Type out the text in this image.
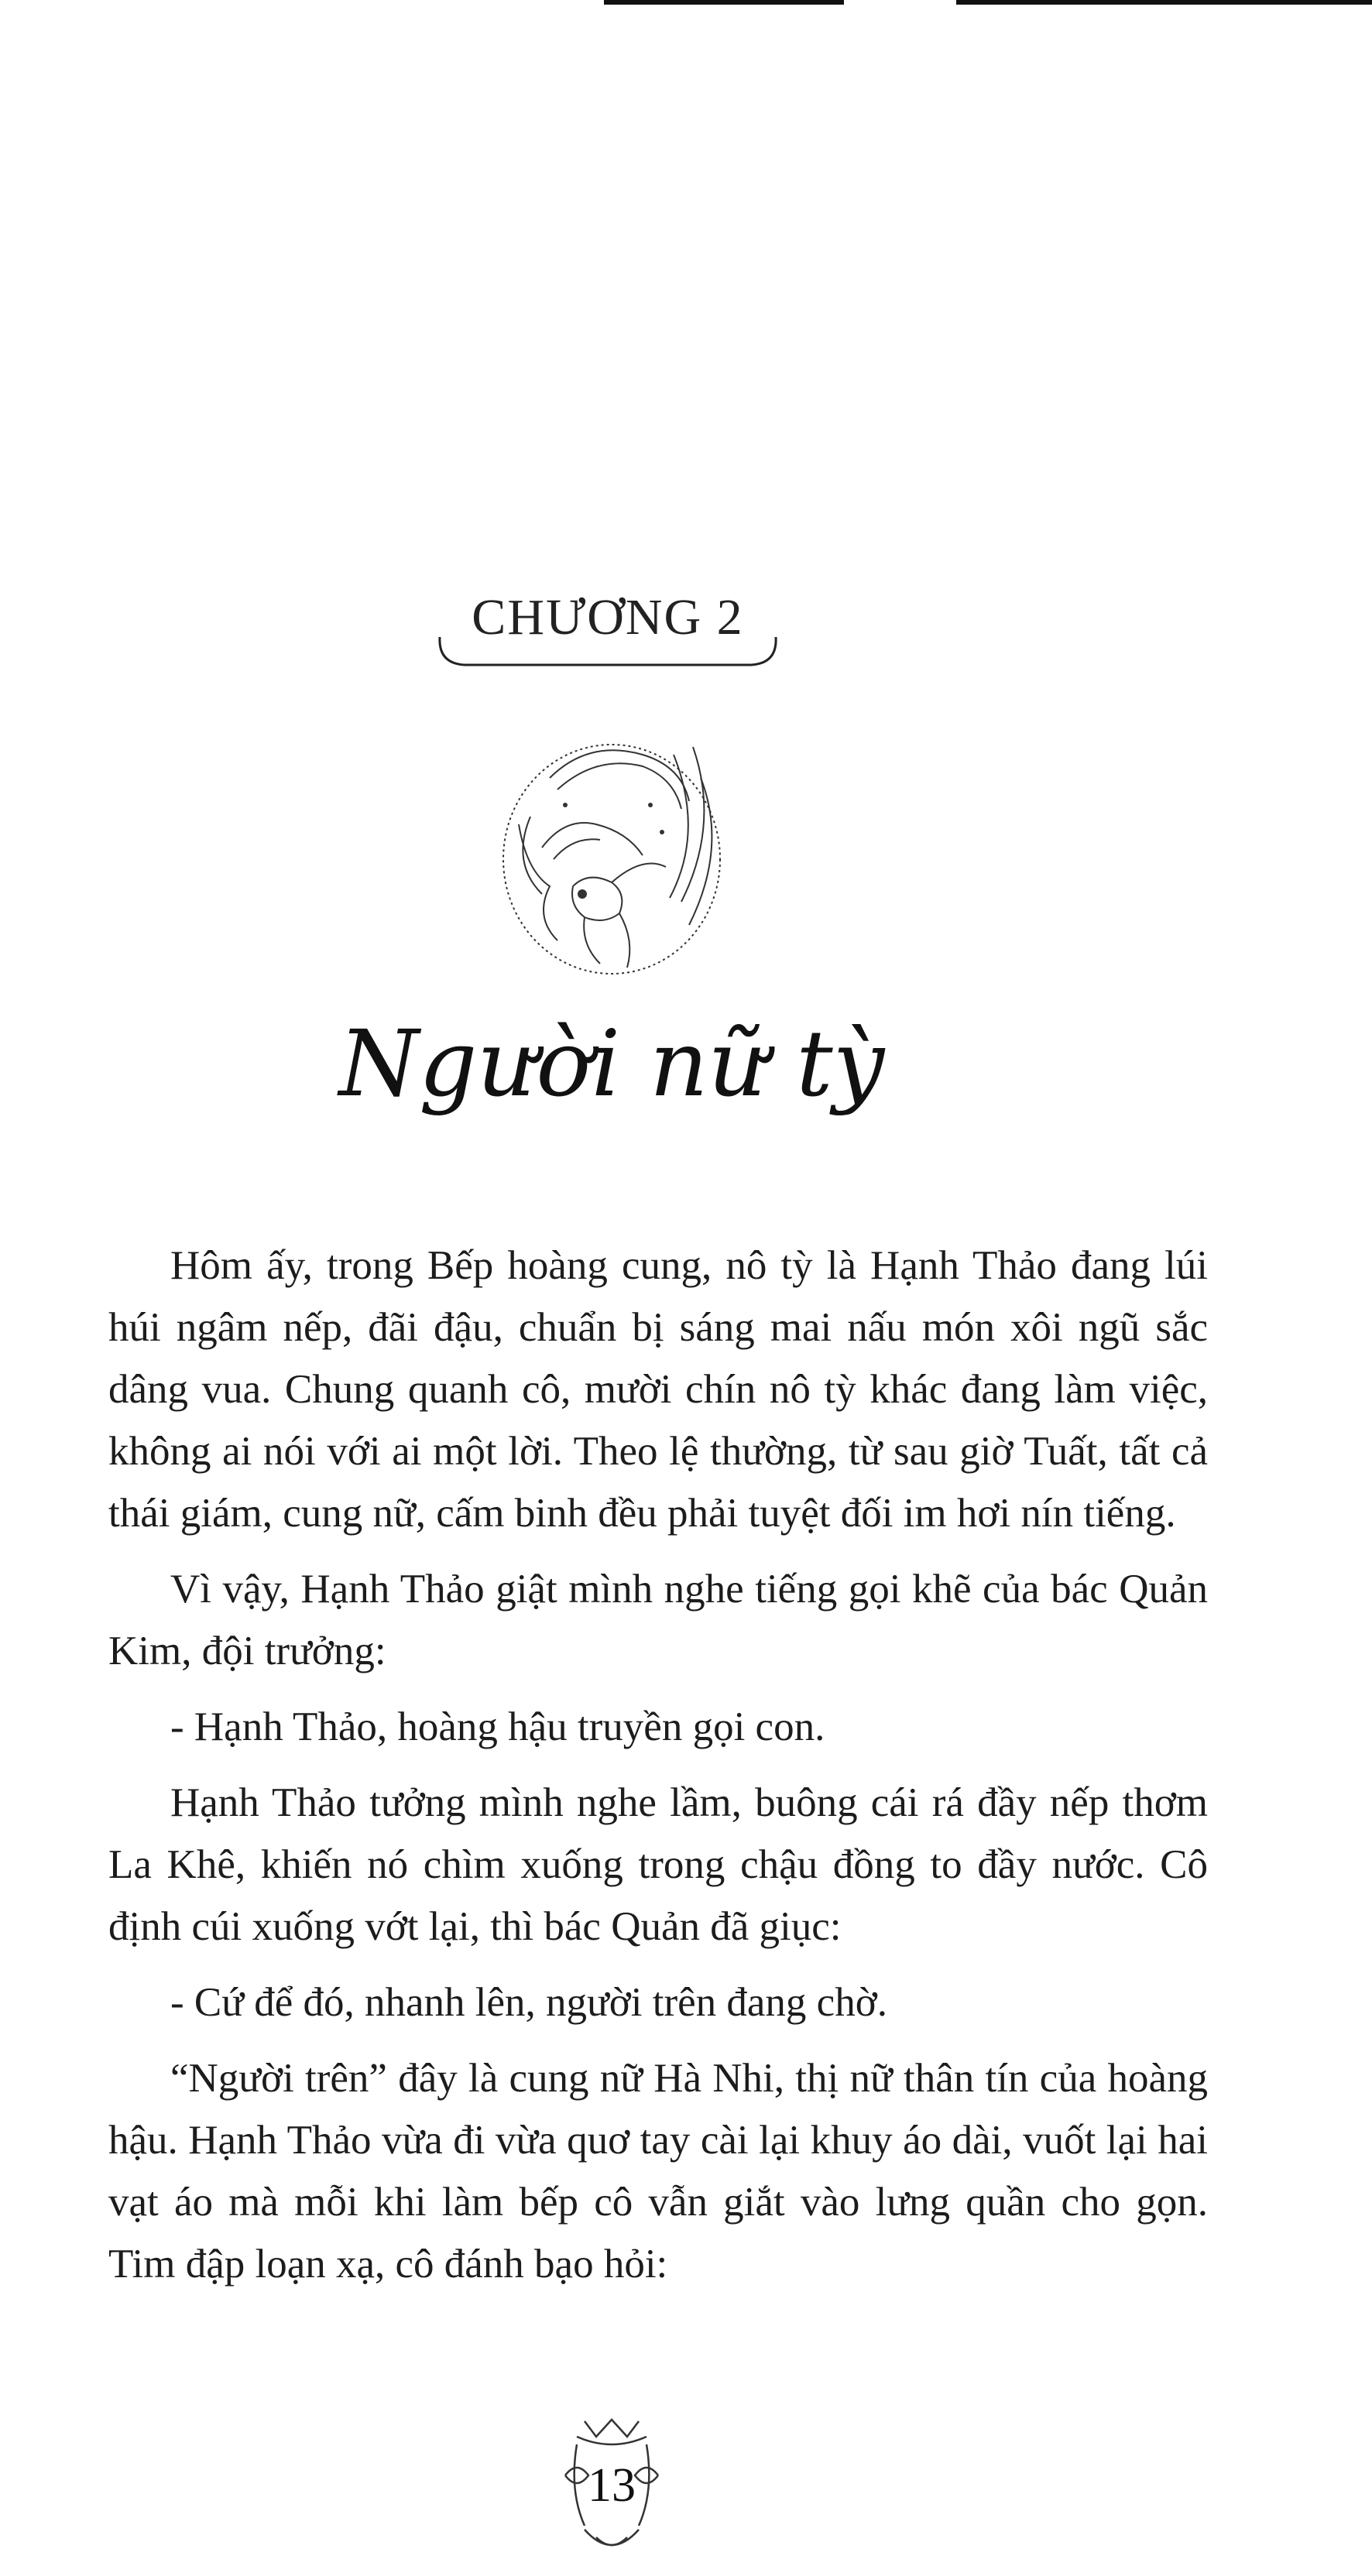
CHƯƠNG 2
Người nữ tỳ

Hôm ấy, trong Bếp hoàng cung, nô tỳ là Hạnh Thảo đang lúi húi ngâm nếp, đãi đậu, chuẩn bị sáng mai nấu món xôi ngũ sắc dâng vua. Chung quanh cô, mười chín nô tỳ khác đang làm việc, không ai nói với ai một lời. Theo lệ thường, từ sau giờ Tuất, tất cả thái giám, cung nữ, cấm binh đều phải tuyệt đối im hơi nín tiếng.

Vì vậy, Hạnh Thảo giật mình nghe tiếng gọi khẽ của bác Quản Kim, đội trưởng:

- Hạnh Thảo, hoàng hậu truyền gọi con.

Hạnh Thảo tưởng mình nghe lầm, buông cái rá đầy nếp thơm La Khê, khiến nó chìm xuống trong chậu đồng to đầy nước. Cô định cúi xuống vớt lại, thì bác Quản đã giục:

- Cứ để đó, nhanh lên, người trên đang chờ.

“Người trên” đây là cung nữ Hà Nhi, thị nữ thân tín của hoàng hậu. Hạnh Thảo vừa đi vừa quơ tay cài lại khuy áo dài, vuốt lại hai vạt áo mà mỗi khi làm bếp cô vẫn giắt vào lưng quần cho gọn. Tim đập loạn xạ, cô đánh bạo hỏi:

13
